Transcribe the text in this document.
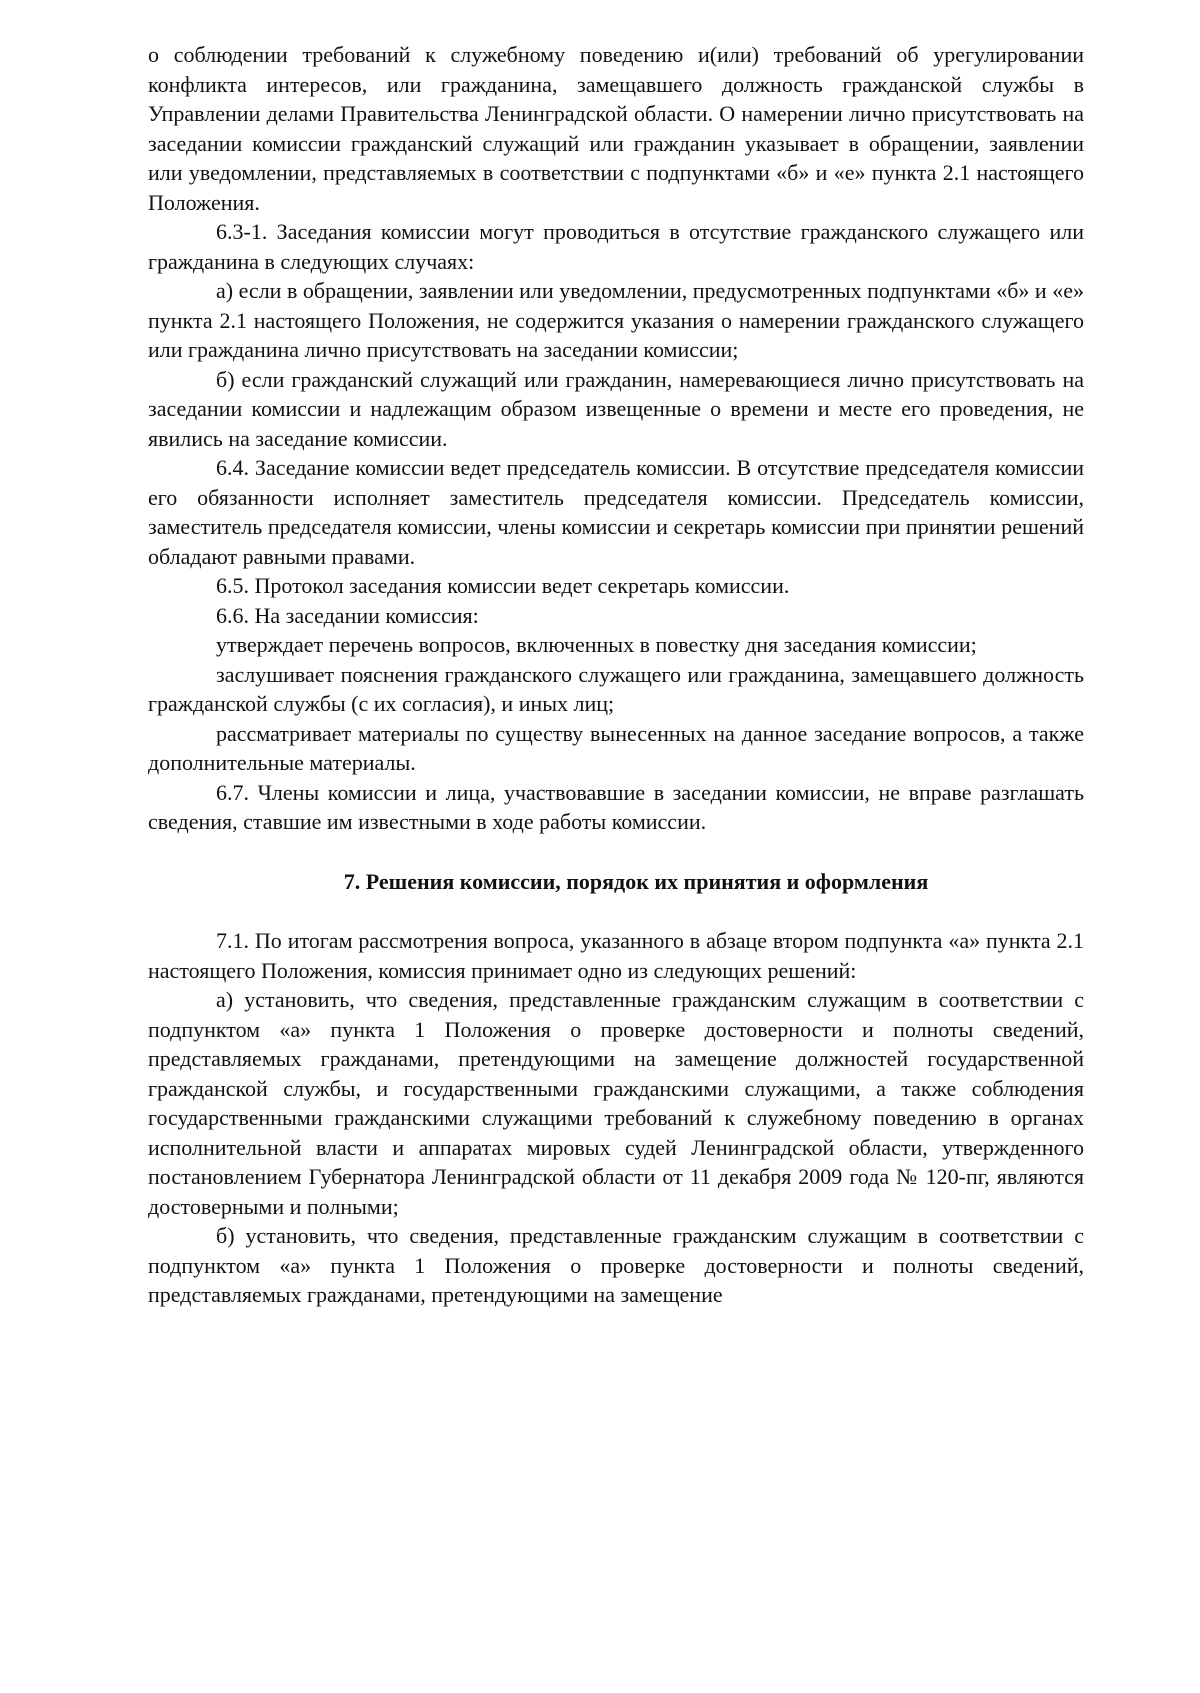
о соблюдении требований к служебному поведению и(или) требований об урегулировании конфликта интересов, или гражданина, замещавшего должность гражданской службы в Управлении делами Правительства Ленинградской области. О намерении лично присутствовать на заседании комиссии гражданский служащий или гражданин указывает в обращении, заявлении или уведомлении, представляемых в соответствии с подпунктами «б» и «е» пункта 2.1 настоящего Положения.

6.3-1. Заседания комиссии могут проводиться в отсутствие гражданского служащего или гражданина в следующих случаях:

а) если в обращении, заявлении или уведомлении, предусмотренных подпунктами «б» и «е» пункта 2.1 настоящего Положения, не содержится указания о намерении гражданского служащего или гражданина лично присутствовать на заседании комиссии;

б) если гражданский служащий или гражданин, намеревающиеся лично присутствовать на заседании комиссии и надлежащим образом извещенные о времени и месте его проведения, не явились на заседание комиссии.

6.4. Заседание комиссии ведет председатель комиссии. В отсутствие председателя комиссии его обязанности исполняет заместитель председателя комиссии. Председатель комиссии, заместитель председателя комиссии, члены комиссии и секретарь комиссии при принятии решений обладают равными правами.

6.5. Протокол заседания комиссии ведет секретарь комиссии.

6.6. На заседании комиссия:

утверждает перечень вопросов, включенных в повестку дня заседания комиссии;

заслушивает пояснения гражданского служащего или гражданина, замещавшего должность гражданской службы (с их согласия), и иных лиц;

рассматривает материалы по существу вынесенных на данное заседание вопросов, а также дополнительные материалы.

6.7. Члены комиссии и лица, участвовавшие в заседании комиссии, не вправе разглашать сведения, ставшие им известными в ходе работы комиссии.

7. Решения комиссии, порядок их принятия и оформления

7.1. По итогам рассмотрения вопроса, указанного в абзаце втором подпункта «а» пункта 2.1 настоящего Положения, комиссия принимает одно из следующих решений:

а) установить, что сведения, представленные гражданским служащим в соответствии с подпунктом «а» пункта 1 Положения о проверке достоверности и полноты сведений, представляемых гражданами, претендующими на замещение должностей государственной гражданской службы, и государственными гражданскими служащими, а также соблюдения государственными гражданскими служащими требований к служебному поведению в органах исполнительной власти и аппаратах мировых судей Ленинградской области, утвержденного постановлением Губернатора Ленинградской области от 11 декабря 2009 года № 120-пг, являются достоверными и полными;

б) установить, что сведения, представленные гражданским служащим в соответствии с подпунктом «а» пункта 1 Положения о проверке достоверности и полноты сведений, представляемых гражданами, претендующими на замещение
